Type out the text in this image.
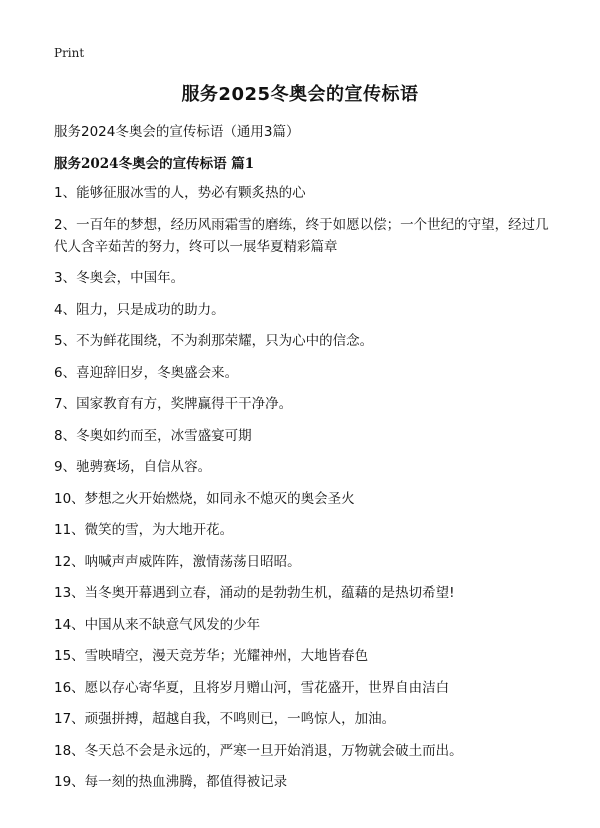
Print
服务2025冬奥会的宣传标语
服务2024冬奥会的宣传标语（通用3篇）
服务2024冬奥会的宣传标语 篇1
1、能够征服冰雪的人，势必有颗炙热的心
2、一百年的梦想，经历风雨霜雪的磨练，终于如愿以偿；一个世纪的守望，经过几代人含辛茹苦的努力，终可以一展华夏精彩篇章
3、冬奥会，中国年。
4、阻力，只是成功的助力。
5、不为鲜花围绕，不为刹那荣耀，只为心中的信念。
6、喜迎辞旧岁，冬奥盛会来。
7、国家教育有方，奖牌赢得干干净净。
8、冬奥如约而至，冰雪盛宴可期
9、驰骋赛场，自信从容。
10、梦想之火开始燃烧，如同永不熄灭的奥会圣火
11、微笑的雪，为大地开花。
12、呐喊声声威阵阵，激情荡荡日昭昭。
13、当冬奥开幕遇到立春，涌动的是勃勃生机，蕴藉的是热切希望!
14、中国从来不缺意气风发的少年
15、雪映晴空，漫天竞芳华；光耀神州，大地皆春色
16、愿以存心寄华夏，且将岁月赠山河，雪花盛开，世界自由洁白
17、顽强拼搏，超越自我，不鸣则已，一鸣惊人，加油。
18、冬天总不会是永远的，严寒一旦开始消退，万物就会破土而出。
19、每一刻的热血沸腾，都值得被记录
